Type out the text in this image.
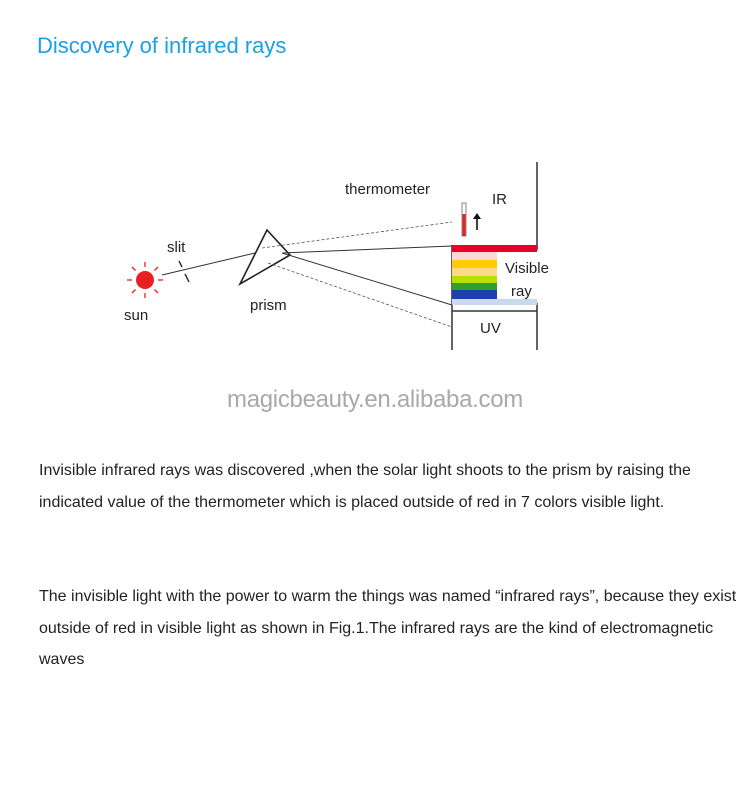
Discovery of infrared rays
sun
slit
prism
thermometer
IR
Visible
ray
UV
magicbeauty.en.alibaba.com

Invisible infrared rays was discovered ,when the solar light shoots to the prism by raising the indicated value of the thermometer which is placed outside of red in 7 colors visible light.

The invisible light with the power to warm the things was named “infrared rays”, because they exist outside of red in visible light as shown in Fig.1.The infrared rays are the kind of electromagnetic waves
